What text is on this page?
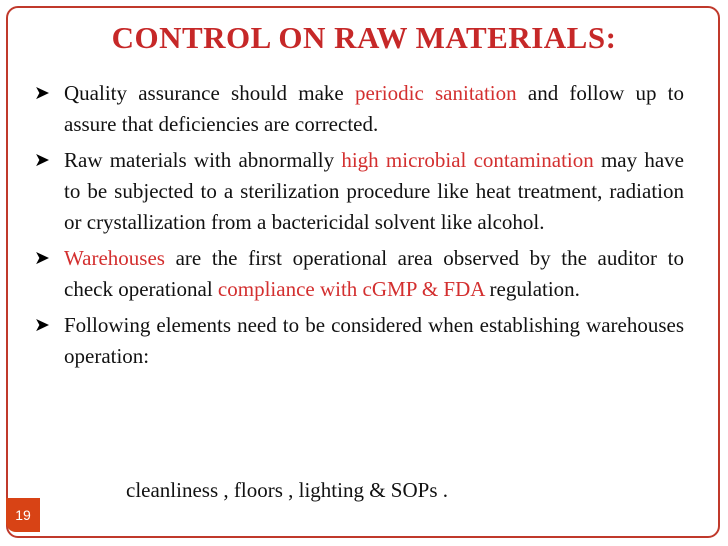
CONTROL ON RAW MATERIALS:
➤ Quality assurance should make periodic sanitation and follow up to assure that deficiencies are corrected.
➤ Raw materials with abnormally high microbial contamination may have to be subjected to a sterilization procedure like heat treatment, radiation or crystallization from a bactericidal solvent like alcohol.
➤ Warehouses are the first operational area observed by the auditor to check operational compliance with cGMP & FDA regulation.
➤ Following elements need to be considered when establishing warehouses operation:
cleanliness , floors , lighting & SOPs .
19
